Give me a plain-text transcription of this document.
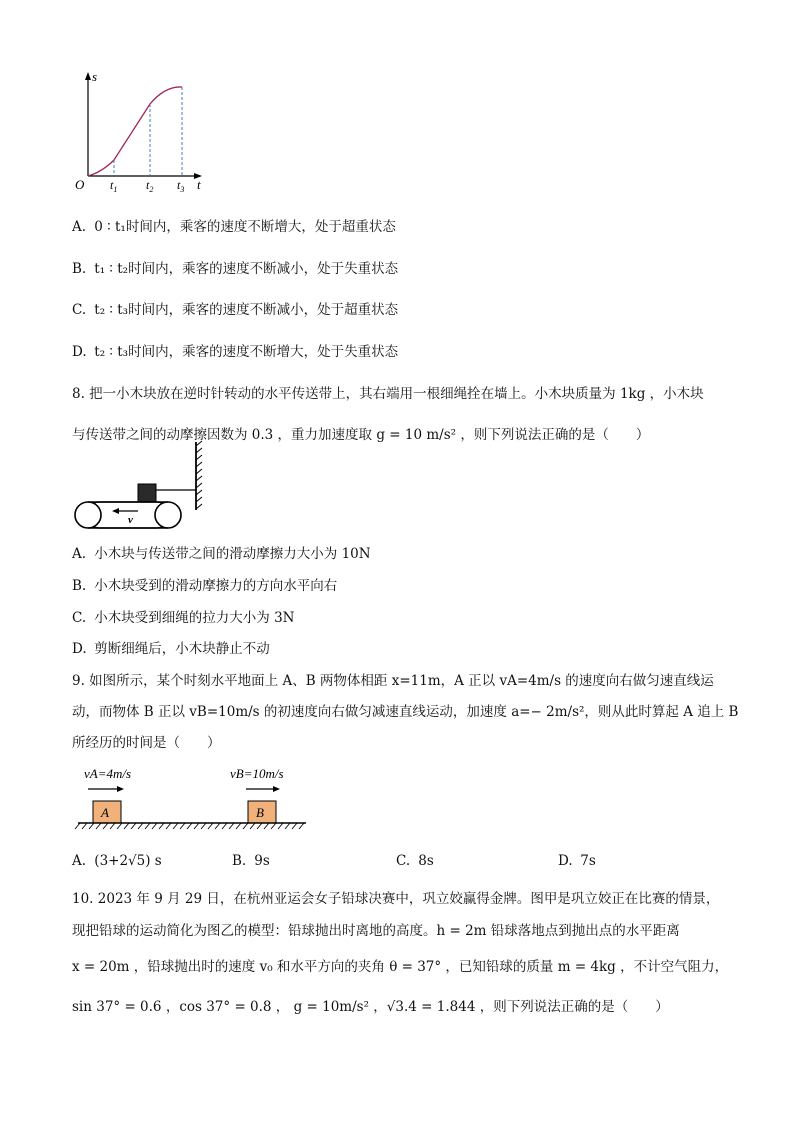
s
O	t
$t_1$ $t_2$ $t_3$
A. 0 ∶ t₁时间内，乘客的速度不断增大，处于超重状态
B. t₁ ∶ t₂时间内，乘客的速度不断减小，处于失重状态
C. t₂ ∶ t₃时间内，乘客的速度不断减小，处于超重状态
D. t₂ ∶ t₃时间内，乘客的速度不断增大，处于失重状态
8. 把一小木块放在逆时针转动的水平传送带上，其右端用一根细绳拴在墙上。小木块质量为 1kg ，小木块
与传送带之间的动摩擦因数为 0.3 ，重力加速度取 g = 10 m/s² ，则下列说法正确的是（　　）
v
A. 小木块与传送带之间的滑动摩擦力大小为 10N
B. 小木块受到的滑动摩擦力的方向水平向右
C. 小木块受到细绳的拉力大小为 3N
D. 剪断细绳后，小木块静止不动
9. 如图所示，某个时刻水平地面上 A、B 两物体相距 x=11m，A 正以 vA=4m/s 的速度向右做匀速直线运
动，而物体 B 正以 vB=10m/s 的初速度向右做匀减速直线运动，加速度 a=− 2m/s²，则从此时算起 A 追上 B
所经历的时间是（　　）
vA=4m/s	vB=10m/s
A	B
A. (3+2√5) s	B. 9s	C. 8s	D. 7s
10. 2023 年 9 月 29 日，在杭州亚运会女子铅球决赛中，巩立姣赢得金牌。图甲是巩立姣正在比赛的情景，
现把铅球的运动简化为图乙的模型：铅球抛出时离地的高度。h = 2m 铅球落地点到抛出点的水平距离
x = 20m ，铅球抛出时的速度 v₀ 和水平方向的夹角 θ = 37° ，已知铅球的质量 m = 4kg ，不计空气阻力，
sin 37° = 0.6 ，cos 37° = 0.8 ， g = 10m/s² ，√3.4 = 1.844 ，则下列说法正确的是（　　）
